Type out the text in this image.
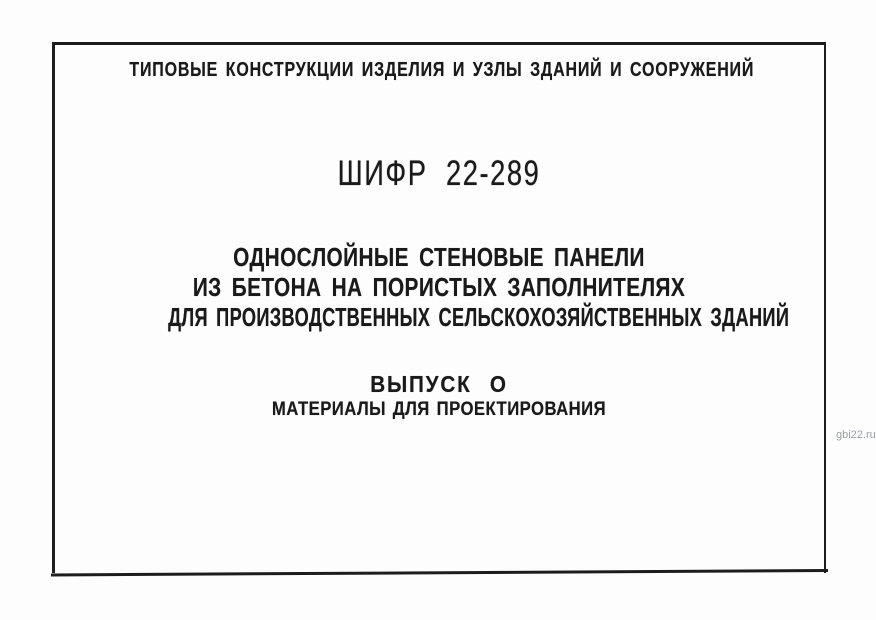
ТИПОВЫЕ КОНСТРУКЦИИ ИЗДЕЛИЯ И УЗЛЫ ЗДАНИЙ И СООРУЖЕНИЙ
ШИФР 22-289
ОДНОСЛОЙНЫЕ СТЕНОВЫЕ ПАНЕЛИ
ИЗ БЕТОНА НА ПОРИСТЫХ ЗАПОЛНИТЕЛЯХ
ДЛЯ ПРОИЗВОДСТВЕННЫХ СЕЛЬСКОХОЗЯЙСТВЕННЫХ ЗДАНИЙ
ВЫПУСК О
МАТЕРИАЛЫ ДЛЯ ПРОЕКТИРОВАНИЯ
gbi22.ru
